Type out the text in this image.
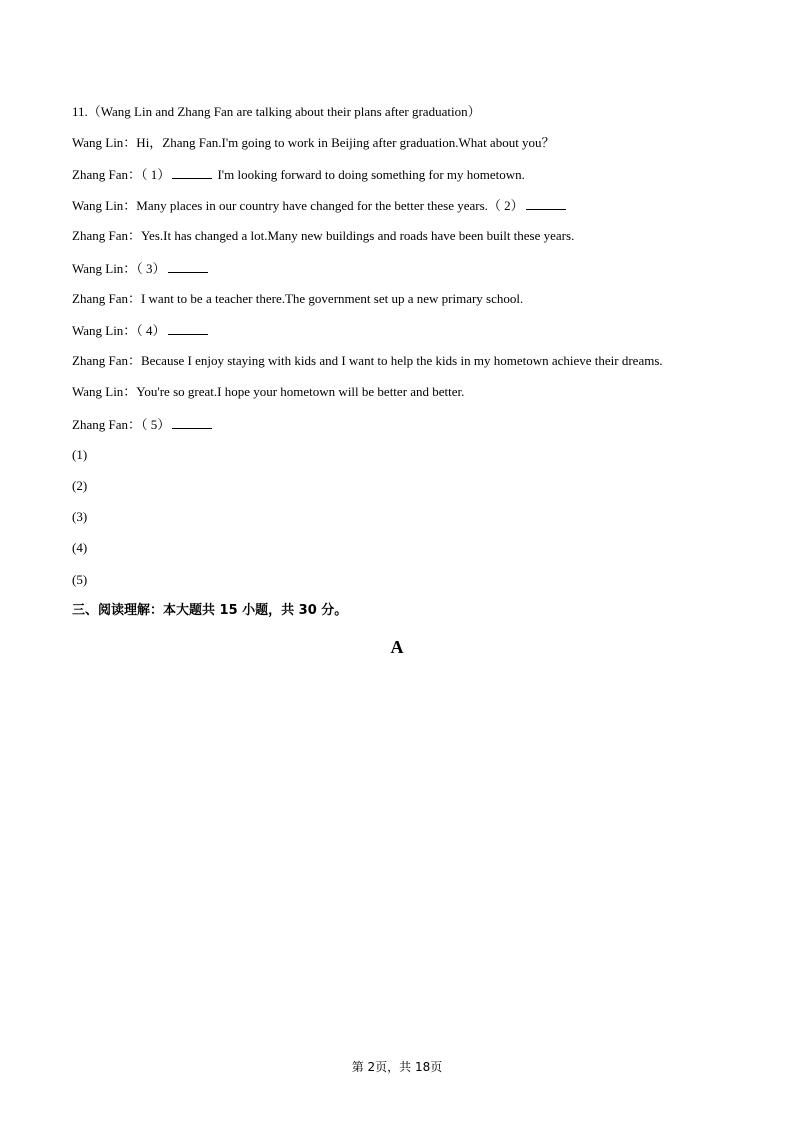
11.（Wang Lin and Zhang Fan are talking about their plans after graduation）
Wang Lin：Hi，Zhang Fan.I'm going to work in Beijing after graduation.What about you？
Zhang Fan：（ 1）	I'm looking forward to doing something for my hometown.
Wang Lin：Many places in our country have changed for the better these years.（ 2）
Zhang Fan：Yes.It has changed a lot.Many new buildings and roads have been built these years.
Wang Lin：（ 3）
Zhang Fan：I want to be a teacher there.The government set up a new primary school.
Wang Lin：（ 4）
Zhang Fan：Because I enjoy staying with kids and I want to help the kids in my hometown achieve their dreams.
Wang Lin：You're so great.I hope your hometown will be better and better.
Zhang Fan：（ 5）
(1)
(2)
(3)
(4)
(5)
三、阅读理解：本大题共 15 小题，共 30 分。
A
第 2页，共 18页
